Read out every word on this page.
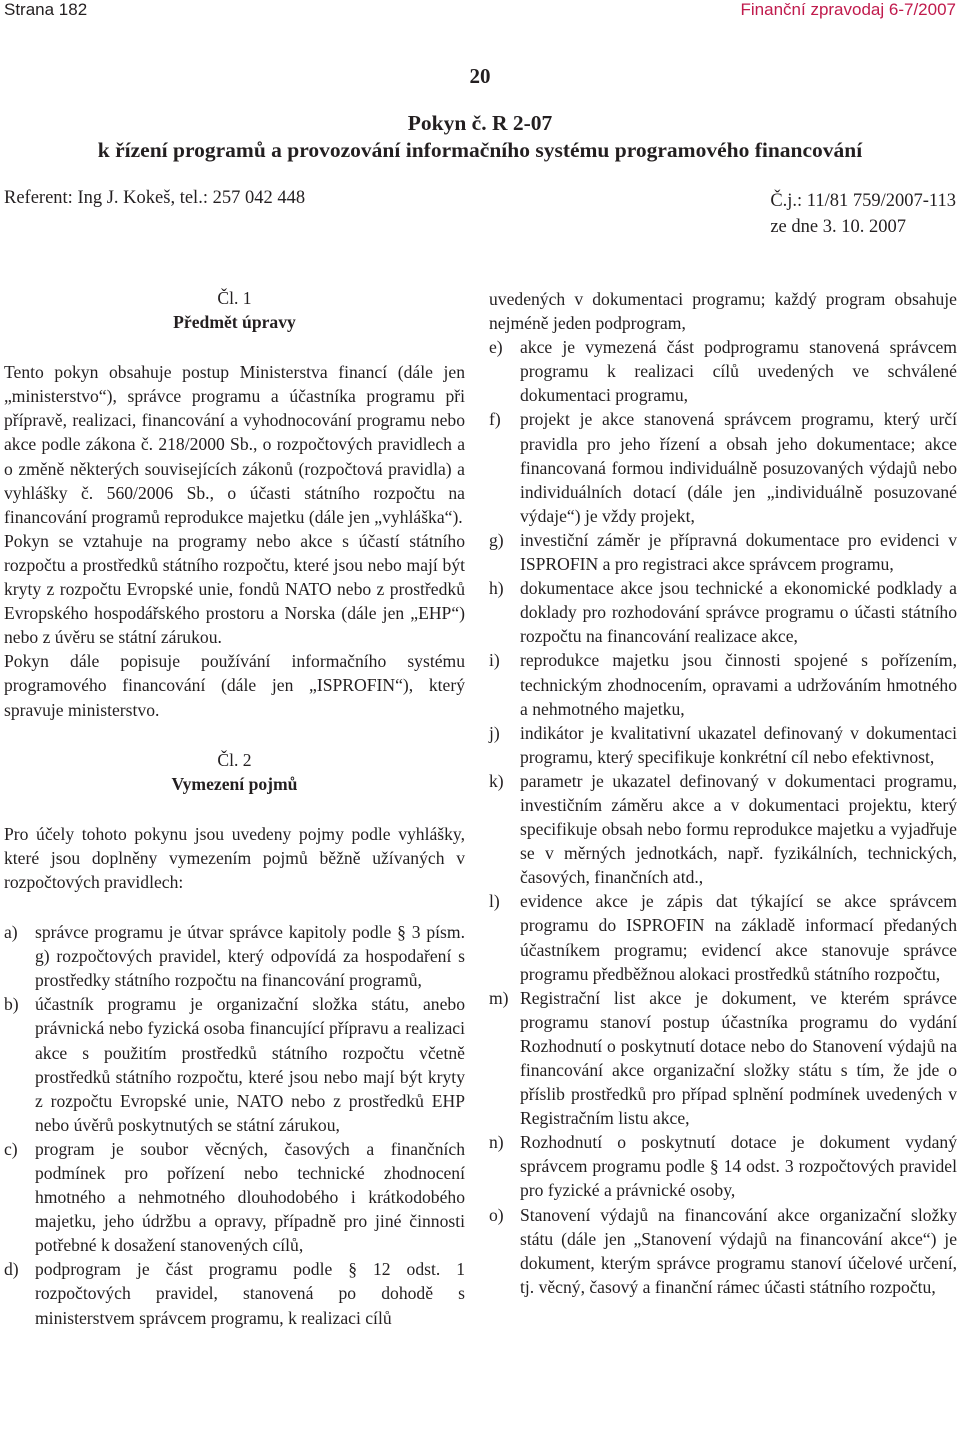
Strana 182	Finanční zpravodaj 6-7/2007
20
Pokyn č. R 2-07
k řízení programů a provozování informačního systému programového financování
Referent: Ing J. Kokeš, tel.: 257 042 448	Č.j.: 11/81 759/2007-113
ze dne 3. 10. 2007

Čl. 1

Předmět úpravy

Tento pokyn obsahuje postup Ministerstva financí (dále jen „ministerstvo“), správce programu a účastníka programu při přípravě, realizaci, financování a vyhodnocování programu nebo akce podle zákona č. 218/2000 Sb., o rozpočtových pravidlech a o změně některých souvisejících zákonů (rozpočtová pravidla) a vyhlášky č. 560/2006 Sb., o účasti státního rozpočtu na financování programů reprodukce majetku (dále jen „vyhláška“).

Pokyn se vztahuje na programy nebo akce s účastí státního rozpočtu a prostředků státního rozpočtu, které jsou nebo mají být kryty z rozpočtu Evropské unie, fondů NATO nebo z prostředků Evropského hospodářského prostoru a Norska (dále jen „EHP“) nebo z úvěru se státní zárukou.

Pokyn dále popisuje používání informačního systému programového financování (dále jen „ISPROFIN“), který spravuje ministerstvo.

Čl. 2

Vymezení pojmů

Pro účely tohoto pokynu jsou uvedeny pojmy podle vyhlášky, které jsou doplněny vymezením pojmů běžně užívaných v rozpočtových pravidlech:

a) správce programu je útvar správce kapitoly podle § 3 písm. g) rozpočtových pravidel, který odpovídá za hospodaření s prostředky státního rozpočtu na financování programů,
b) účastník programu je organizační složka státu, anebo právnická nebo fyzická osoba financující přípravu a realizaci akce s použitím prostředků státního rozpočtu včetně prostředků státního rozpočtu, které jsou nebo mají být kryty z rozpočtu Evropské unie, NATO nebo z prostředků EHP nebo úvěrů poskytnutých se státní zárukou,
c) program je soubor věcných, časových a finančních podmínek pro pořízení nebo technické zhodnocení hmotného a nehmotného dlouhodobého i krátkodobého majetku, jeho údržbu a opravy, případně pro jiné činnosti potřebné k dosažení stanovených cílů,
d) podprogram je část programu podle § 12 odst. 1 rozpočtových pravidel, stanovená po dohodě s ministerstvem správcem programu, k realizaci cílů

uvedených v dokumentaci programu; každý program obsahuje nejméně jeden podprogram,

e) akce je vymezená část podprogramu stanovená správcem programu k realizaci cílů uvedených ve schválené dokumentaci programu,
f)	projekt je akce stanovená správcem programu, který určí pravidla pro jeho řízení a obsah jeho dokumentace; akce financovaná formou individuálně posuzovaných výdajů nebo individuálních dotací (dále jen „individuálně posuzované výdaje“) je vždy projekt,
g) investiční záměr je přípravná dokumentace pro evidenci v ISPROFIN a pro registraci akce správcem programu,
h) dokumentace akce jsou technické a ekonomické podklady a doklady pro rozhodování správce programu o účasti státního rozpočtu na financování realizace akce,
i)	reprodukce majetku jsou činnosti spojené s pořízením, technickým zhodnocením, opravami a udržováním hmotného a nehmotného majetku,
j)	indikátor je kvalitativní ukazatel definovaný v dokumentaci programu, který specifikuje konkrétní cíl nebo efektivnost,
k) parametr je ukazatel definovaný v dokumentaci programu, investičním záměru akce a v dokumentaci projektu, který specifikuje obsah nebo formu reprodukce majetku a vyjadřuje se v měrných jednotkách, např. fyzikálních, technických, časových, finančních atd.,
l)	evidence akce je zápis dat týkající se akce správcem programu do ISPROFIN na základě informací předaných účastníkem programu; evidencí akce stanovuje správce programu předběžnou alokaci prostředků státního rozpočtu,
m) Registrační list akce je dokument, ve kterém správce programu stanoví postup účastníka programu do vydání Rozhodnutí o poskytnutí dotace nebo do Stanovení výdajů na financování akce organizační složky státu s tím, že jde o příslib prostředků pro případ splnění podmínek uvedených v Registračním listu akce,
n) Rozhodnutí o poskytnutí dotace je dokument vydaný správcem programu podle § 14 odst. 3 rozpočtových pravidel pro fyzické a právnické osoby,
o) Stanovení výdajů na financování akce organizační složky státu (dále jen „Stanovení výdajů na financování akce“) je dokument, kterým správce programu stanoví účelové určení, tj. věcný, časový a finanční rámec účasti státního rozpočtu,
